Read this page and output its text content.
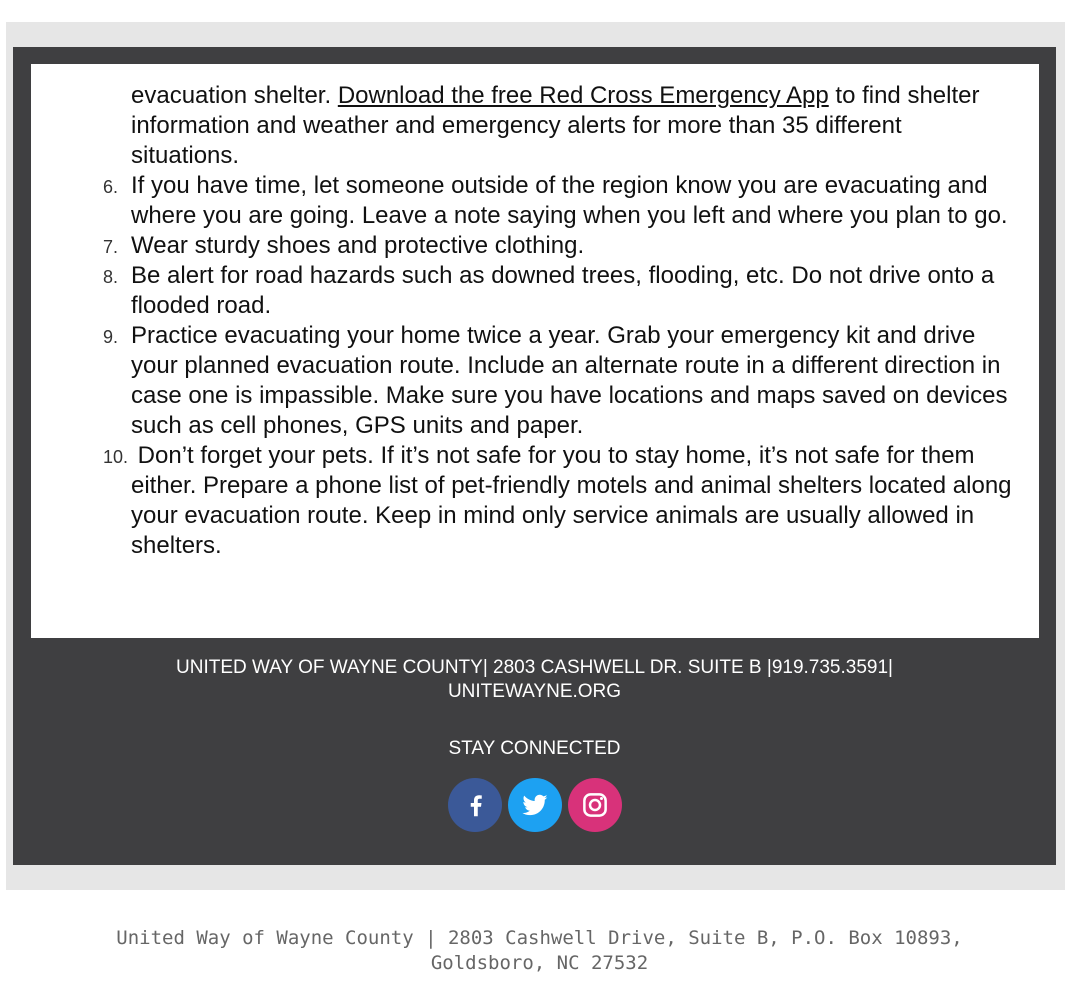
evacuation shelter. Download the free Red Cross Emergency App to find shelter information and weather and emergency alerts for more than 35 different situations.
6. If you have time, let someone outside of the region know you are evacuating and where you are going. Leave a note saying when you left and where you plan to go.
7. Wear sturdy shoes and protective clothing.
8. Be alert for road hazards such as downed trees, flooding, etc. Do not drive onto a flooded road.
9. Practice evacuating your home twice a year. Grab your emergency kit and drive your planned evacuation route. Include an alternate route in a different direction in case one is impassible. Make sure you have locations and maps saved on devices such as cell phones, GPS units and paper.
10. Don’t forget your pets. If it’s not safe for you to stay home, it’s not safe for them either. Prepare a phone list of pet-friendly motels and animal shelters located along your evacuation route. Keep in mind only service animals are usually allowed in shelters.
UNITED WAY OF WAYNE COUNTY| 2803 CASHWELL DR. SUITE B |919.735.3591|
UNITEWAYNE.ORG
STAY CONNECTED
United Way of Wayne County | 2803 Cashwell Drive, Suite B, P.O. Box 10893,
Goldsboro, NC 27532
